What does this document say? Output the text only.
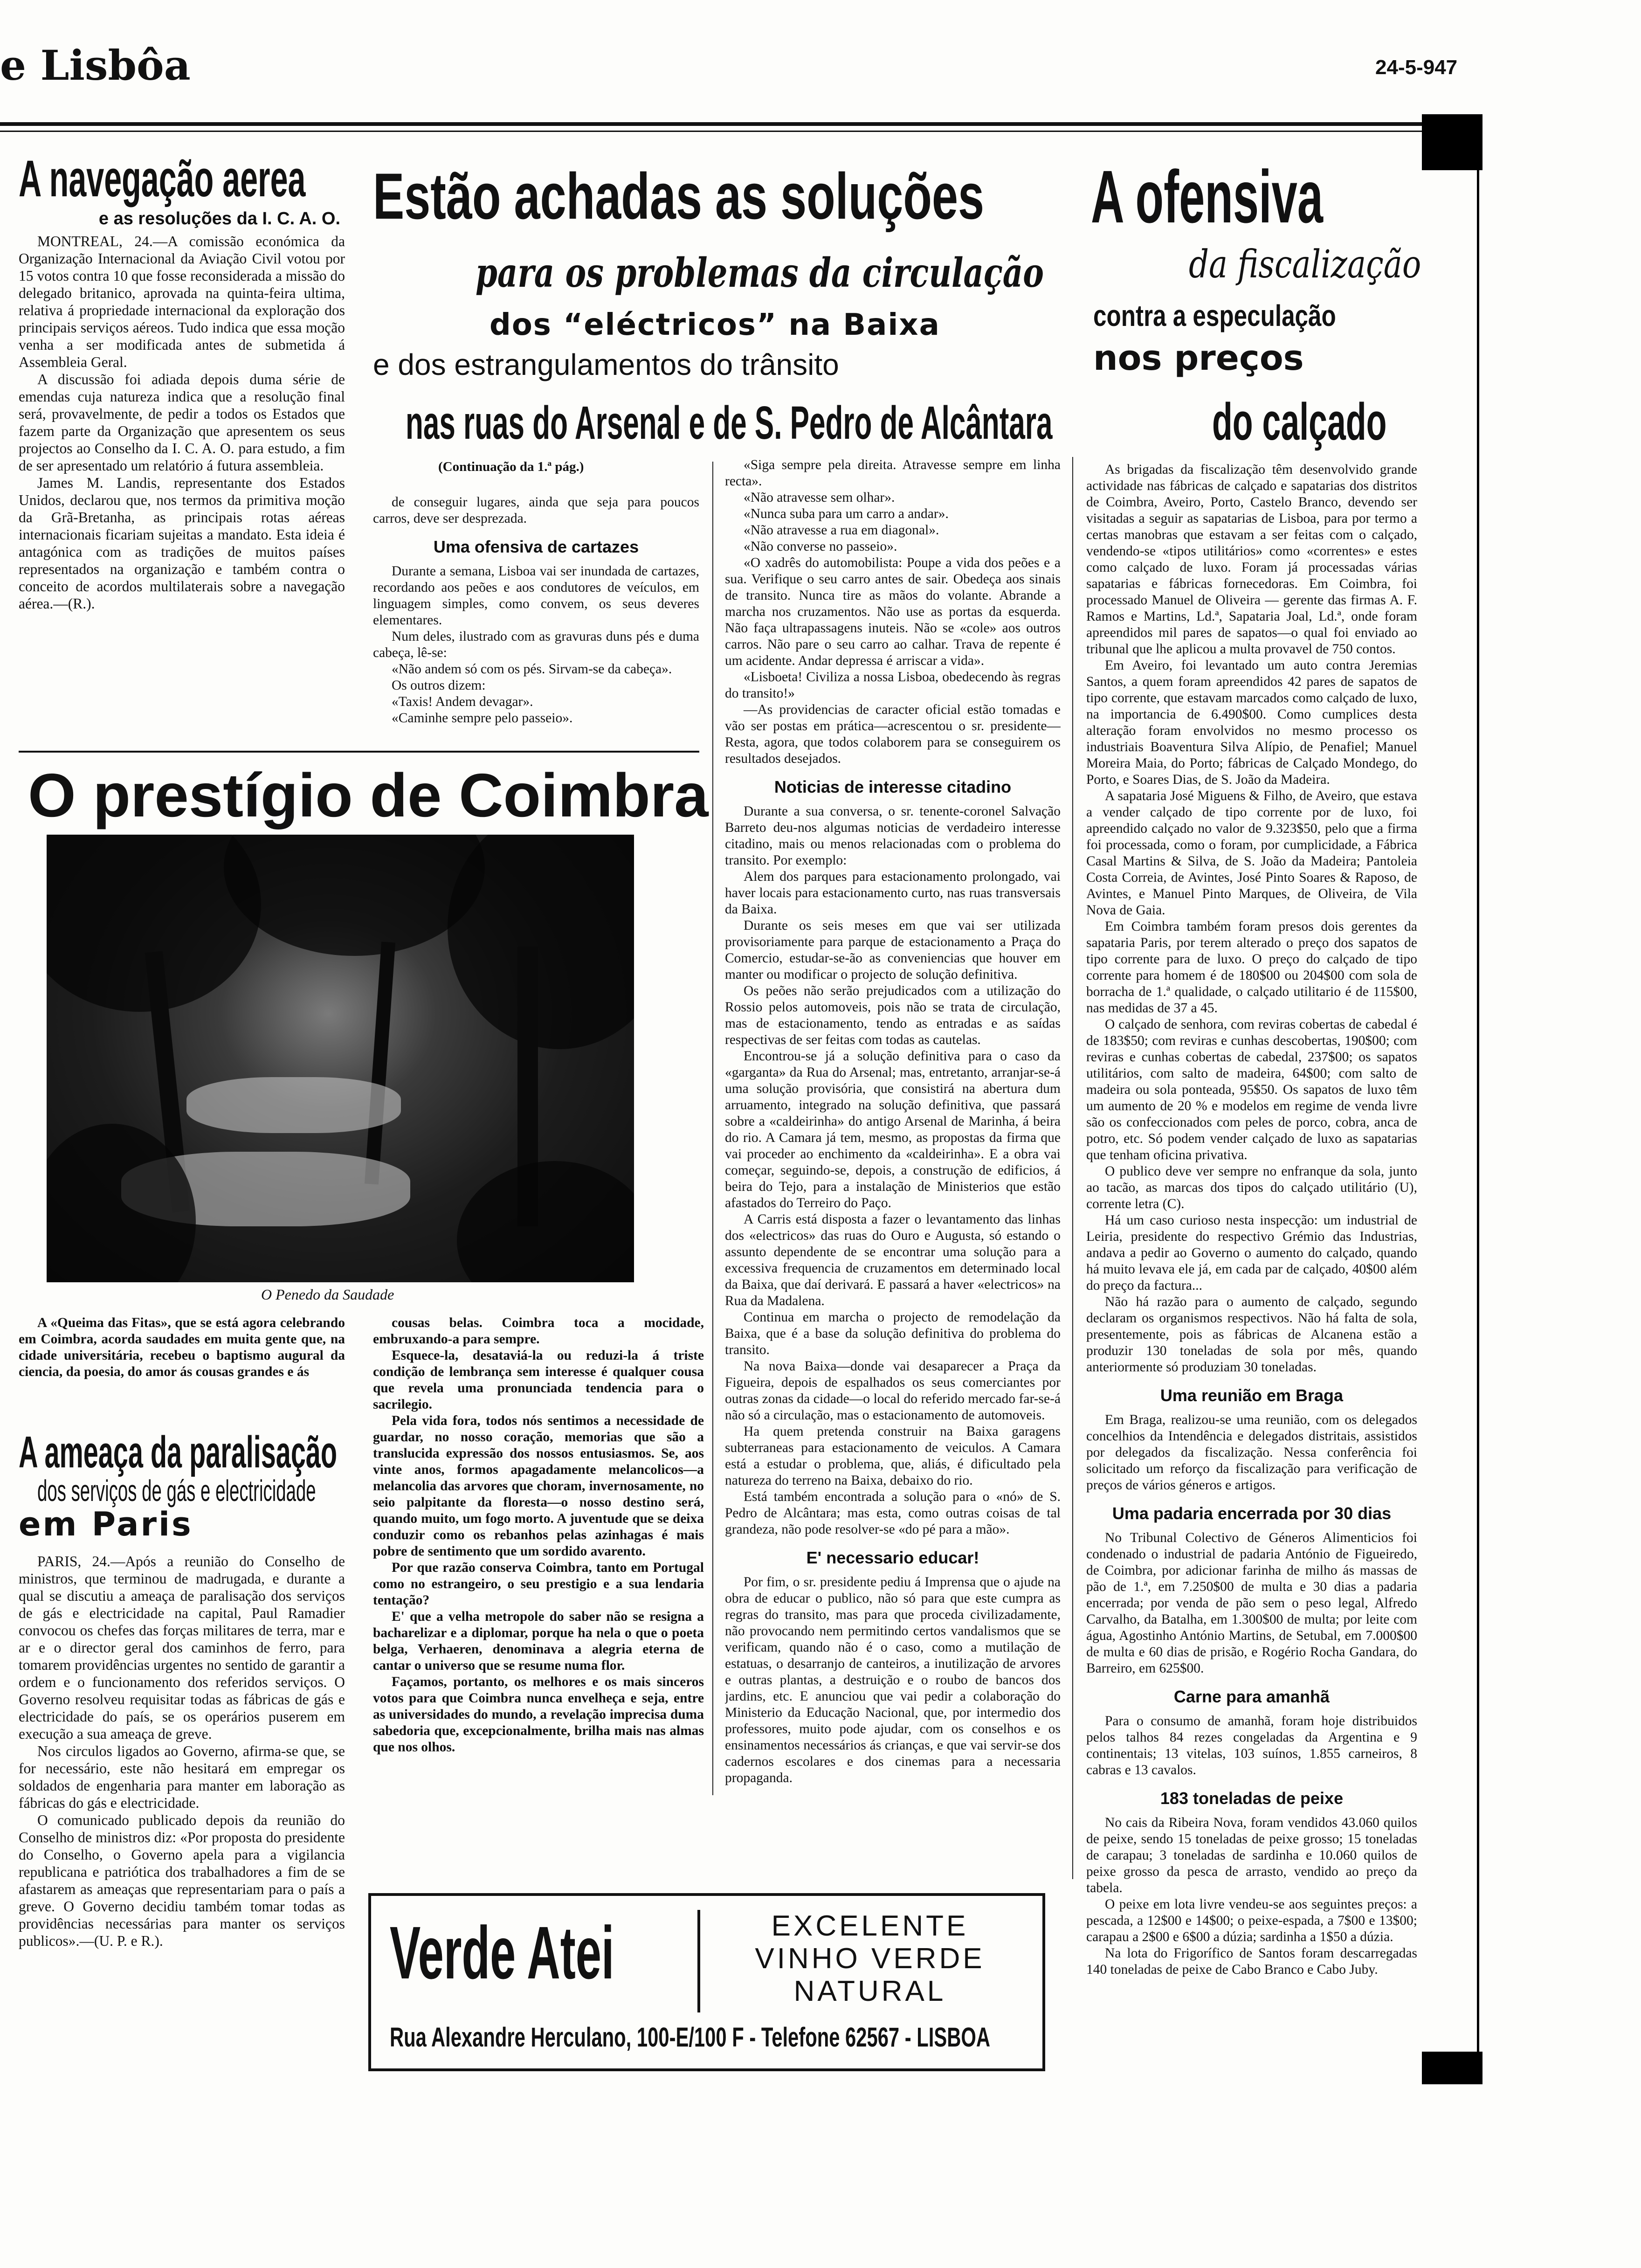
e Lisbôa	24-5-947
A navegação aerea
e as resoluções da I. C. A. O.

MONTREAL, 24.—A comissão económica da Organização Internacional da Aviação Civil votou por 15 votos contra 10 que fosse reconsiderada a missão do delegado britanico, aprovada na quinta-feira ultima, relativa á propriedade internacional da exploração dos principais serviços aéreos. Tudo indica que essa moção venha a ser modificada antes de submetida á Assembleia Geral.

A discussão foi adiada depois duma série de emendas cuja natureza indica que a resolução final será, provavelmente, de pedir a todos os Estados que fazem parte da Organização que apresentem os seus projectos ao Conselho da I. C. A. O. para estudo, a fim de ser apresentado um relatório á futura assembleia.

James M. Landis, representante dos Estados Unidos, declarou que, nos termos da primitiva moção da Grã-Bretanha, as principais rotas aéreas internacionais ficariam sujeitas a mandato. Esta ideia é antagónica com as tradições de muitos países representados na organização e também contra o conceito de acordos multilaterais sobre a navegação aérea.—(R.).

Estão achadas as soluções
para os problemas da circulação
dos “eléctricos” na Baixa
e dos estrangulamentos do trânsito
nas ruas do Arsenal e de S. Pedro de Alcântara
(Continuação da 1.ª pág.)

de conseguir lugares, ainda que seja para poucos carros, deve ser desprezada.

Uma ofensiva de cartazes

Durante a semana, Lisboa vai ser inundada de cartazes, recordando aos peões e aos condutores de veículos, em linguagem simples, como convem, os seus deveres elementares.

Num deles, ilustrado com as gravuras duns pés e duma cabeça, lê-se:

«Não andem só com os pés. Sirvam-se da cabeça».

Os outros dizem:

«Taxis! Andem devagar».

«Caminhe sempre pelo passeio».

«Siga sempre pela direita. Atravesse sempre em linha recta».

«Não atravesse sem olhar».

«Nunca suba para um carro a andar».

«Não atravesse a rua em diagonal».

«Não converse no passeio».

«O xadrês do automobilista: Poupe a vida dos peões e a sua. Verifique o seu carro antes de sair. Obedeça aos sinais de transito. Nunca tire as mãos do volante. Abrande a marcha nos cruzamentos. Não use as portas da esquerda. Não faça ultrapassagens inuteis. Não se «cole» aos outros carros. Não pare o seu carro ao calhar. Trava de repente é um acidente. Andar depressa é arriscar a vida».

«Lisboeta! Civiliza a nossa Lisboa, obedecendo às regras do transito!»

—As providencias de caracter oficial estão tomadas e vão ser postas em prática—acrescentou o sr. presidente—Resta, agora, que todos colaborem para se conseguirem os resultados desejados.

Noticias de interesse citadino

Durante a sua conversa, o sr. tenente-coronel Salvação Barreto deu-nos algumas noticias de verdadeiro interesse citadino, mais ou menos relacionadas com o problema do transito. Por exemplo:

Alem dos parques para estacionamento prolongado, vai haver locais para estacionamento curto, nas ruas transversais da Baixa.

Durante os seis meses em que vai ser utilizada provisoriamente para parque de estacionamento a Praça do Comercio, estudar-se-ão as conveniencias que houver em manter ou modificar o projecto de solução definitiva.

Os peões não serão prejudicados com a utilização do Rossio pelos automoveis, pois não se trata de circulação, mas de estacionamento, tendo as entradas e as saídas respectivas de ser feitas com todas as cautelas.

Encontrou-se já a solução definitiva para o caso da «garganta» da Rua do Arsenal; mas, entretanto, arranjar-se-á uma solução provisória, que consistirá na abertura dum arruamento, integrado na solução definitiva, que passará sobre a «caldeirinha» do antigo Arsenal de Marinha, á beira do rio. A Camara já tem, mesmo, as propostas da firma que vai proceder ao enchimento da «caldeirinha». E a obra vai começar, seguindo-se, depois, a construção de edificios, á beira do Tejo, para a instalação de Ministerios que estão afastados do Terreiro do Paço.

A Carris está disposta a fazer o levantamento das linhas dos «electricos» das ruas do Ouro e Augusta, só estando o assunto dependente de se encontrar uma solução para a excessiva frequencia de cruzamentos em determinado local da Baixa, que daí derivará. E passará a haver «electricos» na Rua da Madalena.

Continua em marcha o projecto de remodelação da Baixa, que é a base da solução definitiva do problema do transito.

Na nova Baixa—donde vai desaparecer a Praça da Figueira, depois de espalhados os seus comerciantes por outras zonas da cidade—o local do referido mercado far-se-á não só a circulação, mas o estacionamento de automoveis.

Ha quem pretenda construir na Baixa garagens subterraneas para estacionamento de veiculos. A Camara está a estudar o problema, que, aliás, é dificultado pela natureza do terreno na Baixa, debaixo do rio.

Está também encontrada a solução para o «nó» de S. Pedro de Alcântara; mas esta, como outras coisas de tal grandeza, não pode resolver-se «do pé para a mão».

E' necessario educar!

Por fim, o sr. presidente pediu á Imprensa que o ajude na obra de educar o publico, não só para que este cumpra as regras do transito, mas para que proceda civilizadamente, não provocando nem permitindo certos vandalismos que se verificam, quando não é o caso, como a mutilação de estatuas, o desarranjo de canteiros, a inutilização de arvores e outras plantas, a destruição e o roubo de bancos dos jardins, etc. E anunciou que vai pedir a colaboração do Ministerio da Educação Nacional, que, por intermedio dos professores, muito pode ajudar, com os conselhos e os ensinamentos necessários ás crianças, e que vai servir-se dos cadernos escolares e dos cinemas para a necessaria propaganda.

O prestígio de Coimbra
O Penedo da Saudade

A «Queima das Fitas», que se está agora celebrando em Coimbra, acorda saudades em muita gente que, na cidade universitária, recebeu o baptismo augural da ciencia, da poesia, do amor ás cousas grandes e ás

cousas belas. Coimbra toca a mocidade, embruxando-a para sempre.

Esquece-la, desataviá-la ou reduzi-la á triste condição de lembrança sem interesse é qualquer cousa que revela uma pronunciada tendencia para o sacrilegio.

Pela vida fora, todos nós sentimos a necessidade de guardar, no nosso coração, memorias que são a translucida expressão dos nossos entusiasmos. Se, aos vinte anos, formos apagadamente melancolicos—a melancolia das arvores que choram, invernosamente, no seio palpitante da floresta—o nosso destino será, quando muito, um fogo morto. A juventude que se deixa conduzir como os rebanhos pelas azinhagas é mais pobre de sentimento que um sordido avarento.

Por que razão conserva Coimbra, tanto em Portugal como no estrangeiro, o seu prestigio e a sua lendaria tentação?

E' que a velha metropole do saber não se resigna a bacharelizar e a diplomar, porque ha nela o que o poeta belga, Verhaeren, denominava a alegria eterna de cantar o universo que se resume numa flor.

Façamos, portanto, os melhores e os mais sinceros votos para que Coimbra nunca envelheça e seja, entre as universidades do mundo, a revelação imprecisa duma sabedoria que, excepcionalmente, brilha mais nas almas que nos olhos.

A ameaça da paralisação
dos serviços de gás e electricidade
em Paris

PARIS, 24.—Após a reunião do Conselho de ministros, que terminou de madrugada, e durante a qual se discutiu a ameaça de paralisação dos serviços de gás e electricidade na capital, Paul Ramadier convocou os chefes das forças militares de terra, mar e ar e o director geral dos caminhos de ferro, para tomarem providências urgentes no sentido de garantir a ordem e o funcionamento dos referidos serviços. O Governo resolveu requisitar todas as fábricas de gás e electricidade do país, se os operários puserem em execução a sua ameaça de greve.

Nos circulos ligados ao Governo, afirma-se que, se for necessário, este não hesitará em empregar os soldados de engenharia para manter em laboração as fábricas do gás e electricidade.

O comunicado publicado depois da reunião do Conselho de ministros diz: «Por proposta do presidente do Conselho, o Governo apela para a vigilancia republicana e patriótica dos trabalhadores a fim de se afastarem as ameaças que representariam para o país a greve. O Governo decidiu também tomar todas as providências necessárias para manter os serviços publicos».—(U. P. e R.).	Verde Atei	EXCELENTE
VINHO VERDE
NATURAL
Rua Alexandre Herculano, 100-E/100 F - Telefone 62567 - LISBOA
A ofensiva
da fiscalização
contra a especulação
nos preços
do calçado

As brigadas da fiscalização têm desenvolvido grande actividade nas fábricas de calçado e sapatarias dos distritos de Coimbra, Aveiro, Porto, Castelo Branco, devendo ser visitadas a seguir as sapatarias de Lisboa, para por termo a certas manobras que estavam a ser feitas com o calçado, vendendo-se «tipos utilitários» como «correntes» e estes como calçado de luxo. Foram já processadas várias sapatarias e fábricas fornecedoras. Em Coimbra, foi processado Manuel de Oliveira — gerente das firmas A. F. Ramos e Martins, Ld.ª, Sapataria Joal, Ld.ª, onde foram apreendidos mil pares de sapatos—o qual foi enviado ao tribunal que lhe aplicou a multa provavel de 750 contos.

Em Aveiro, foi levantado um auto contra Jeremias Santos, a quem foram apreendidos 42 pares de sapatos de tipo corrente, que estavam marcados como calçado de luxo, na importancia de 6.490$00. Como cumplices desta alteração foram envolvidos no mesmo processo os industriais Boaventura Silva Alípio, de Penafiel; Manuel Moreira Maia, do Porto; fábricas de Calçado Mondego, do Porto, e Soares Dias, de S. João da Madeira.

A sapataria José Miguens & Filho, de Aveiro, que estava a vender calçado de tipo corrente por de luxo, foi apreendido calçado no valor de 9.323$50, pelo que a firma foi processada, como o foram, por cumplicidade, a Fábrica Casal Martins & Silva, de S. João da Madeira; Pantoleia Costa Correia, de Avintes, José Pinto Soares & Raposo, de Avintes, e Manuel Pinto Marques, de Oliveira, de Vila Nova de Gaia.

Em Coimbra também foram presos dois gerentes da sapataria Paris, por terem alterado o preço dos sapatos de tipo corrente para de luxo. O preço do calçado de tipo corrente para homem é de 180$00 ou 204$00 com sola de borracha de 1.ª qualidade, o calçado utilitario é de 115$00, nas medidas de 37 a 45.

O calçado de senhora, com reviras cobertas de cabedal é de 183$50; com reviras e cunhas descobertas, 190$00; com reviras e cunhas cobertas de cabedal, 237$00; os sapatos utilitários, com salto de madeira, 64$00; com salto de madeira ou sola ponteada, 95$50. Os sapatos de luxo têm um aumento de 20 % e modelos em regime de venda livre são os confeccionados com peles de porco, cobra, anca de potro, etc. Só podem vender calçado de luxo as sapatarias que tenham oficina privativa.

O publico deve ver sempre no enfranque da sola, junto ao tacão, as marcas dos tipos do calçado utilitário (U), corrente letra (C).

Há um caso curioso nesta inspecção: um industrial de Leiria, presidente do respectivo Grémio das Industrias, andava a pedir ao Governo o aumento do calçado, quando há muito levava ele já, em cada par de calçado, 40$00 além do preço da factura...

Não há razão para o aumento de calçado, segundo declaram os organismos respectivos. Não há falta de sola, presentemente, pois as fábricas de Alcanena estão a produzir 130 toneladas de sola por mês, quando anteriormente só produziam 30 toneladas.

Uma reunião em Braga

Em Braga, realizou-se uma reunião, com os delegados concelhios da Intendência e delegados distritais, assistidos por delegados da fiscalização. Nessa conferência foi solicitado um reforço da fiscalização para verificação de preços de vários géneros e artigos.

Uma padaria encerrada por 30 dias

No Tribunal Colectivo de Géneros Alimenticios foi condenado o industrial de padaria António de Figueiredo, de Coimbra, por adicionar farinha de milho ás massas de pão de 1.ª, em 7.250$00 de multa e 30 dias a padaria encerrada; por venda de pão sem o peso legal, Alfredo Carvalho, da Batalha, em 1.300$00 de multa; por leite com água, Agostinho António Martins, de Setubal, em 7.000$00 de multa e 60 dias de prisão, e Rogério Rocha Gandara, do Barreiro, em 625$00.

Carne para amanhã

Para o consumo de amanhã, foram hoje distribuidos pelos talhos 84 rezes congeladas da Argentina e 9 continentais; 13 vitelas, 103 suínos, 1.855 carneiros, 8 cabras e 13 cavalos.

183 toneladas de peixe

No cais da Ribeira Nova, foram vendidos 43.060 quilos de peixe, sendo 15 toneladas de peixe grosso; 15 toneladas de carapau; 3 toneladas de sardinha e 10.060 quilos de peixe grosso da pesca de arrasto, vendido ao preço da tabela.

O peixe em lota livre vendeu-se aos seguintes preços: a pescada, a 12$00 e 14$00; o peixe-espada, a 7$00 e 13$00; carapau a 2$00 e 6$00 a dúzia; sardinha a 1$50 a dúzia.

Na lota do Frigorífico de Santos foram descarregadas 140 toneladas de peixe de Cabo Branco e Cabo Juby.
